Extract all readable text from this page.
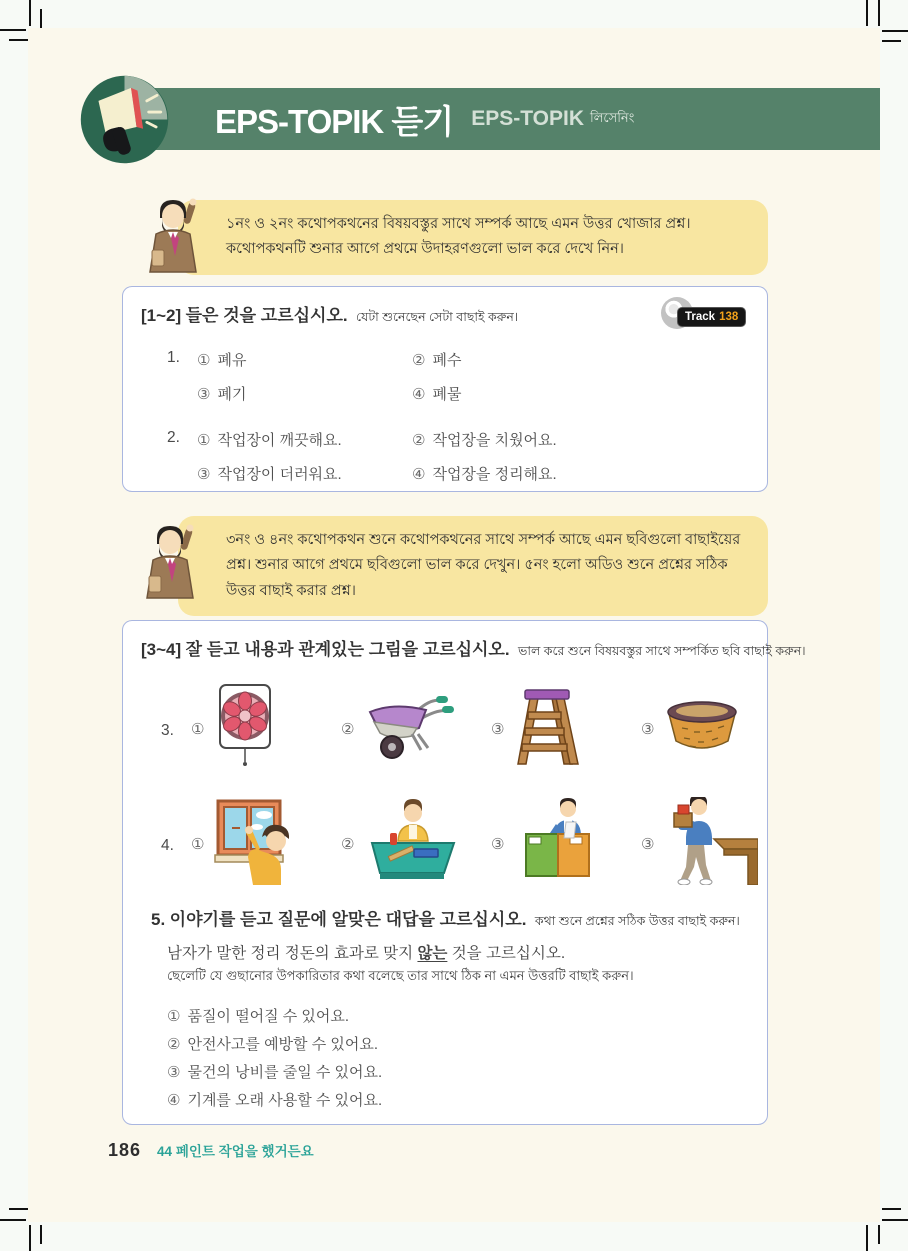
EPS-TOPIK 듣기 EPS-TOPIK লিসেনিং

১নং ও ২নং কথোপকথনের বিষয়বস্তুর সাথে সম্পর্ক আছে এমন উত্তর খোজার প্রশ্ন। কথোপকথনটি শুনার আগে প্রথমে উদাহরণগুলো ভাল করে দেখে নিন।

[1~2] 들은 것을 고르십시오. যেটা শুনেছেন সেটা বাছাই করুন।	Track 138
1.	① 폐유	② 폐수
③ 폐기	④ 폐물
2.	① 작업장이 깨끗해요.	② 작업장을 치웠어요.
③ 작업장이 더러워요.	④ 작업장을 정리해요.

৩নং ও ৪নং কথোপকথন শুনে কথোপকথনের সাথে সম্পর্ক আছে এমন ছবিগুলো বাছাইয়ের প্রশ্ন। শুনার আগে প্রথমে ছবিগুলো ভাল করে দেখুন। ৫নং হলো অডিও শুনে প্রশ্নের সঠিক উত্তর বাছাই করার প্রশ্ন।

[3~4] 잘 듣고 내용과 관계있는 그림을 고르십시오. ভাল করে শুনে বিষয়বস্তুর সাথে সম্পর্কিত ছবি বাছাই করুন।
3.	①	②	③	③
4.	①	②	③	③
5. 이야기를 듣고 질문에 알맞은 대답을 고르십시오. কথা শুনে প্রশ্নের সঠিক উত্তর বাছাই করুন।
남자가 말한 정리 정돈의 효과로 맞지 않는 것을 고르십시오.
ছেলেটি যে গুছানোর উপকারিতার কথা বলেছে তার সাথে ঠিক না এমন উত্তরটি বাছাই করুন।
① 품질이 떨어질 수 있어요.
② 안전사고를 예방할 수 있어요.
③ 물건의 낭비를 줄일 수 있어요.
④ 기계를 오래 사용할 수 있어요.
186 44 페인트 작업을 했거든요
